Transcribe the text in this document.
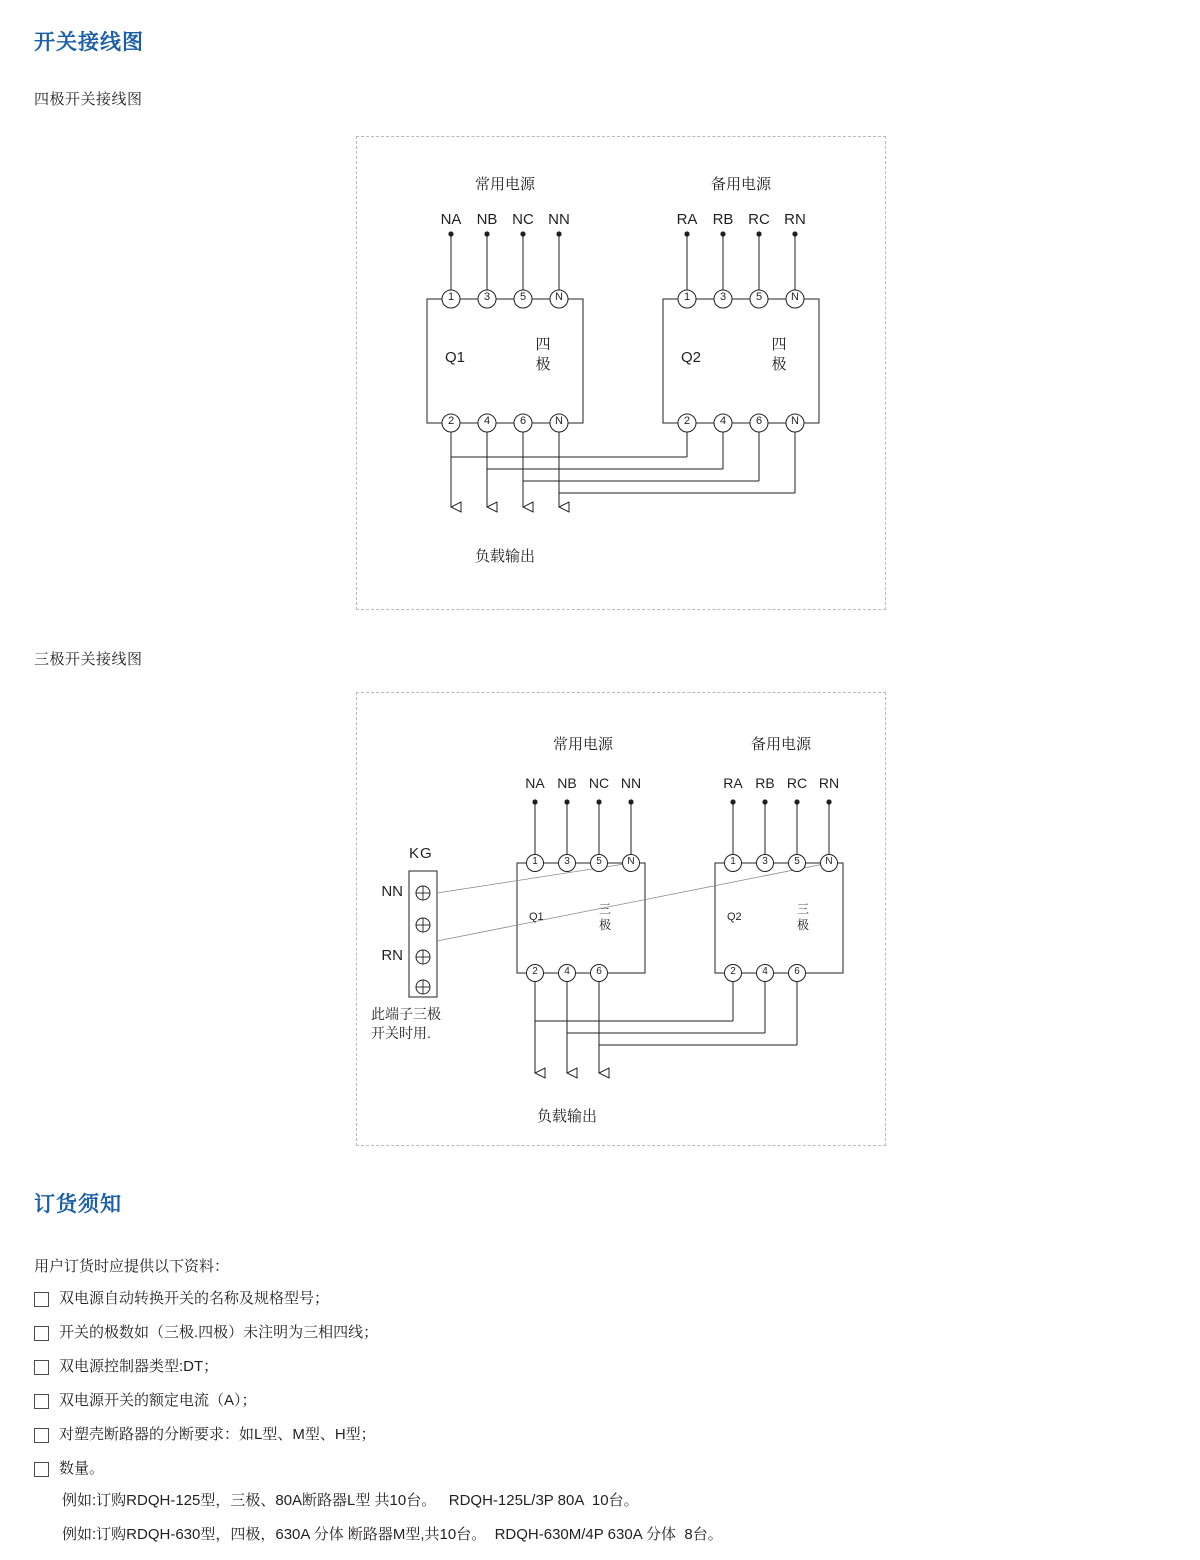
开关接线图
四极开关接线图
常用电源	备用电源
NA	NB NC NN	RA	RB RC RN
1	3	5	N	1	3	5	N
2	4	6	N	2	4	6	N
Q1	Q2
四极
四极
负载输出
三极开关接线图
常用电源	备用电源
NA NB NC NN	RA RB RC RN
1	3	5	N	1	3	5	N
2	4	6	2	4	6
Q1	Q2
三极
三极
KG
NN
RN
此端子三极
开关时用.
负载输出
订货须知
用户订货时应提供以下资料：
双电源自动转换开关的名称及规格型号；
开关的极数如（三极.四极）未注明为三相四线；
双电源控制器类型:DT；
双电源开关的额定电流（A）；
对塑壳断路器的分断要求：如L型、M型、H型；
数量。
例如:订购RDQH-125型，三极、80A断路器L型 共10台。   RDQH-125L/3P 80A  10台。
例如:订购RDQH-630型，四极，630A 分体 断路器M型,共10台。  RDQH-630M/4P 630A 分体  8台。
